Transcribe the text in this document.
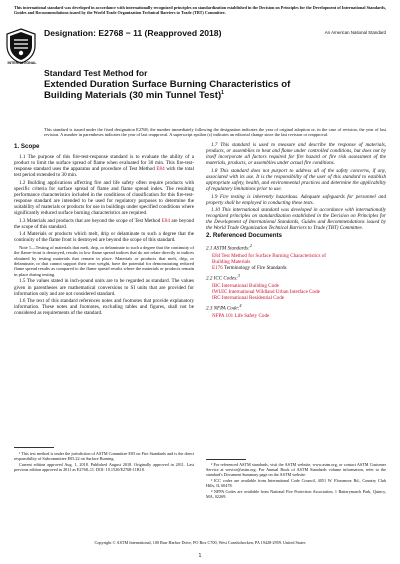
This international standard was developed in accordance with internationally recognized principles on standardization established in the Decision on Principles for the Development of International Standards, Guides and Recommendations issued by the World Trade Organization Technical Barriers to Trade (TBT) Committee.
INTERNATIONAL
Designation: E2768 − 11 (Reapproved 2018)	An American National Standard
Standard Test Method for
Extended Duration Surface Burning Characteristics of
Building Materials (30 min Tunnel Test)$^1$
This standard is issued under the fixed designation E2768; the number immediately following the designation indicates the year of original adoption or, in the case of revision, the year of last revision. A number in parentheses indicates the year of last reapproval. A superscript epsilon (ε) indicates an editorial change since the last revision or reapproval.
1. Scope

1.1 The purpose of this fire-test-response standard is to evaluate the ability of a product to limit the surface spread of flame when evaluated for 30 min. This fire-test-response standard uses the apparatus and procedure of Test Method E84 with the total test period extended to 30 min.

1.2 Building applications affecting fire and life safety often require products with specific criteria for surface spread of flame and flame spread index. The resulting performance characteristics included in the conditions of classification for this fire-test-response standard are intended to be used for regulatory purposes to determine the suitability of materials or products for use in buildings under specified conditions where significantly reduced surface burning characteristics are required.

1.3 Materials and products that are beyond the scope of Test Method E84 are beyond the scope of this standard.

1.4 Materials or products which melt, drip or delaminate to such a degree that the continuity of the flame front is destroyed are beyond the scope of this standard.

Note 1—Testing of materials that melt, drip, or delaminate to such a degree that the continuity of the flame-front is destroyed, results in low flame spread indices that do not relate directly to indices obtained by testing materials that remain in place. Materials or products that melt, drip, or delaminate, or that cannot support their own weight, have the potential for demonstrating reduced flame spread results as compared to the flame spread results where the materials or products remain in place during testing.

1.5 The values stated in inch-pound units are to be regarded as standard. The values given in parentheses are mathematical conversions to SI units that are provided for information only and are not considered standard.

1.6 The text of this standard references notes and footnotes that provide explanatory information. These notes and footnotes, excluding tables and figures, shall not be considered as requirements of the standard.

1.7 This standard is used to measure and describe the response of materials, products, or assemblies to heat and flame under controlled conditions, but does not by itself incorporate all factors required for fire hazard or fire risk assessment of the materials, products, or assemblies under actual fire conditions.

1.8 This standard does not purport to address all of the safety concerns, if any, associated with its use. It is the responsibility of the user of this standard to establish appropriate safety, health, and environmental practices and determine the applicability of regulatory limitations prior to use.

1.9 Fire testing is inherently hazardous. Adequate safeguards for personnel and property shall be employed in conducting these tests.

1.10 This international standard was developed in accordance with internationally recognized principles on standardization established in the Decision on Principles for the Development of International Standards, Guides and Recommendations issued by the World Trade Organization Technical Barriers to Trade (TBT) Committee.

2. Referenced Documents
2.1 ASTM Standards:$^2$
E84 Test Method for Surface Burning Characteristics of
Building Materials
E176 Terminology of Fire Standards
2.2 ICC Codes:$^3$
IBC International Building Code
IWUIC International Wildland Urban Interface Code
IRC International Residential Code
2.3 NFPA Code:$^4$
NFPA 101 Life Safety Code

¹ This test method is under the jurisdiction of ASTM Committee E05 on Fire Standards and is the direct responsibility of Subcommittee E05.22 on Surface Burning.

Current edition approved Aug. 1, 2018. Published August 2018. Originally approved in 2011. Last previous edition approved in 2011 as E2768–11. DOI: 10.1520/E2768-11R18.

² For referenced ASTM standards, visit the ASTM website, www.astm.org, or contact ASTM Customer Service at service@astm.org. For Annual Book of ASTM Standards volume information, refer to the standard's Document Summary page on the ASTM website.

³ ICC codes are available from International Code Council, 4051 W. Flossmoor Rd., Country Club Hills, IL 60478.

⁴ NFPA Codes are available from National Fire Protection Association, 1 Batterymarch Park, Quincy, MA, 02269.

Copyright © ASTM International, 100 Barr Harbor Drive, PO Box C700, West Conshohocken, PA 19428-2959. United States
1
